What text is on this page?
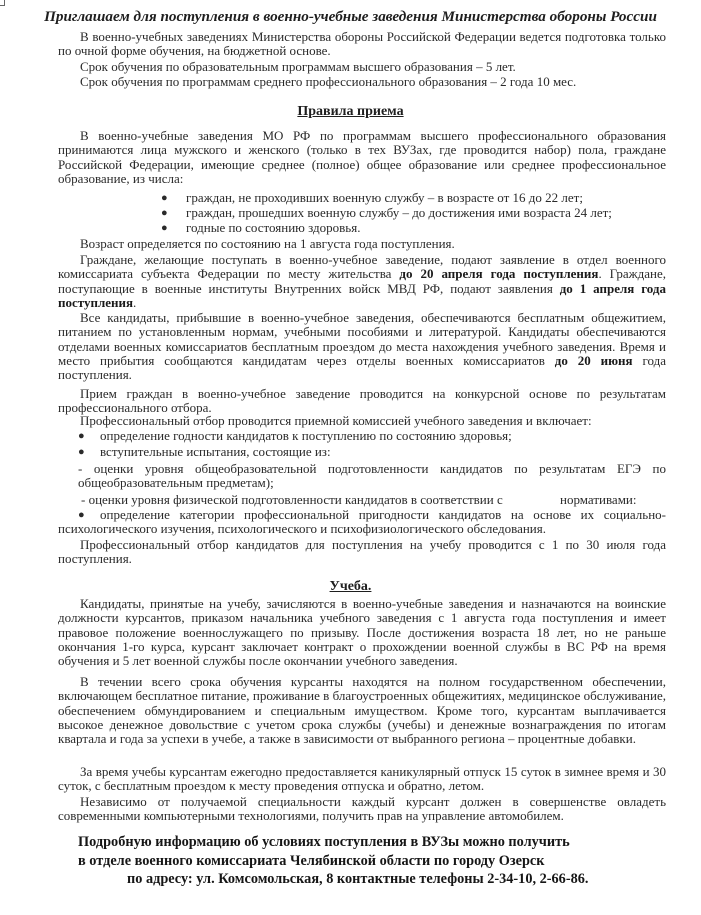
Приглашаем для поступления в военно-учебные заведения Министерства обороны России
В военно-учебных заведениях Министерства обороны Российской Федерации ведется подготовка только по очной форме обучения, на бюджетной основе.
Срок обучения по образовательным программам высшего образования – 5 лет.
Срок обучения по программам среднего профессионального образования – 2 года 10 мес.
Правила приема
В военно-учебные заведения МО РФ по программам высшего профессионального образования принимаются лица мужского и женского (только в тех ВУЗах, где проводится набор) пола, граждане Российской Федерации, имеющие среднее (полное) общее образование или среднее профессиональное образование, из числа:
● граждан, не проходивших военную службу – в возрасте от 16 до 22 лет;
● граждан, прошедших военную службу – до достижения ими возраста 24 лет;
● годные по состоянию здоровья.
Возраст определяется по состоянию на 1 августа года поступления.
Граждане, желающие поступать в военно-учебное заведение, подают заявление в отдел военного комиссариата субъекта Федерации по месту жительства до 20 апреля года поступления. Граждане, поступающие в военные институты Внутренних войск МВД РФ, подают заявления до 1 апреля года поступления.
Все кандидаты, прибывшие в военно-учебное заведения, обеспечиваются бесплатным общежитием, питанием по установленным нормам, учебными пособиями и литературой. Кандидаты обеспечиваются отделами военных комиссариатов бесплатным проездом до места нахождения учебного заведения. Время и место прибытия сообщаются кандидатам через отделы военных комиссариатов до 20 июня года поступления.
Прием граждан в военно-учебное заведение проводится на конкурсной основе по результатам профессионального отбора.
Профессиональный отбор проводится приемной комиссией учебного заведения и включает:
● определение годности кандидатов к поступлению по состоянию здоровья;
● вступительные испытания, состоящие из:
- оценки уровня общеобразовательной подготовленности кандидатов по результатам ЕГЭ по общеобразовательным предметам);
- оценки уровня физической подготовленности кандидатов в соответствии с	нормативами:
●	определение категории профессиональной пригодности кандидатов на основе их социально-психологического изучения, психологического и психофизиологического обследования.
Профессиональный отбор кандидатов для поступления на учебу проводится с 1 по 30 июля года поступления.
Учеба.
Кандидаты, принятые на учебу, зачисляются в военно-учебные заведения и назначаются на воинские должности курсантов, приказом начальника учебного заведения с 1 августа года поступления и имеет правовое положение военнослужащего по призыву. После достижения возраста 18 лет, но не раньше окончания 1-го курса, курсант заключает контракт о прохождении военной службы в ВС РФ на время обучения и 5 лет военной службы после окончании учебного заведения.
В течении всего срока обучения курсанты находятся на полном государственном обеспечении, включающем бесплатное питание, проживание в благоустроенных общежитиях, медицинское обслуживание, обеспечением обмундированием и специальным имуществом. Кроме того, курсантам выплачивается высокое денежное довольствие с учетом срока службы (учебы) и денежные вознаграждения по итогам квартала и года за успехи в учебе, а также в зависимости от выбранного региона – процентные добавки.
За время учебы курсантам ежегодно предоставляется каникулярный отпуск 15 суток в зимнее время и 30 суток, с бесплатным проездом к месту проведения отпуска и обратно, летом.
Независимо от получаемой специальности каждый курсант должен в совершенстве овладеть современными компьютерными технологиями, получить прав на управление автомобилем.
Подробную информацию об условиях поступления в ВУЗы можно получить
в отделе военного комиссариата Челябинской области по городу Озерск
по адресу: ул. Комсомольская, 8 контактные телефоны 2-34-10, 2-66-86.
